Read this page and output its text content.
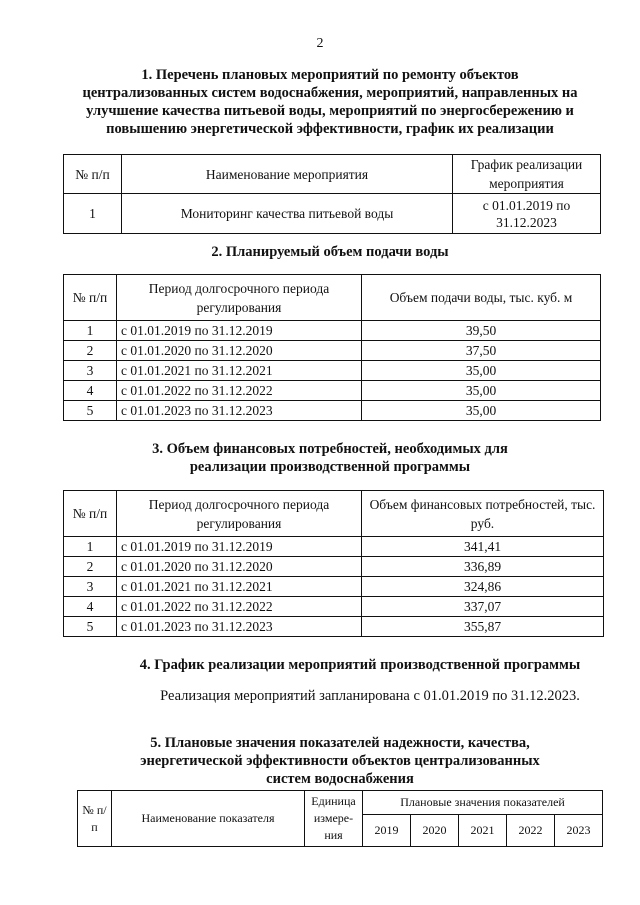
2
1. Перечень плановых мероприятий по ремонту объектов
централизованных систем водоснабжения, мероприятий, направленных на
улучшение качества питьевой воды, мероприятий по энергосбережению и
повышению энергетической эффективности, график их реализации
№ п/п	Наименование мероприятия	График реализации мероприятия
1	Мониторинг качества питьевой воды	с 01.01.2019 по 31.12.2023
2. Планируемый объем подачи воды
№ п/п	Период долгосрочного периода регулирования	Объем подачи воды, тыс. куб. м
1	с 01.01.2019 по 31.12.2019	39,50
2	с 01.01.2020 по 31.12.2020	37,50
3	с 01.01.2021 по 31.12.2021	35,00
4	с 01.01.2022 по 31.12.2022	35,00
5	с 01.01.2023 по 31.12.2023	35,00
3. Объем финансовых потребностей, необходимых для
реализации производственной программы
№ п/п	Период долгосрочного периода регулирования	Объем финансовых потребностей, тыс. руб.
1	с 01.01.2019 по 31.12.2019	341,41
2	с 01.01.2020 по 31.12.2020	336,89
3	с 01.01.2021 по 31.12.2021	324,86
4	с 01.01.2022 по 31.12.2022	337,07
5	с 01.01.2023 по 31.12.2023	355,87
4. График реализации мероприятий производственной программы
Реализация мероприятий запланирована с 01.01.2019 по 31.12.2023.
5. Плановые значения показателей надежности, качества,
энергетической эффективности объектов централизованных
систем водоснабжения
№ п/п	Наименование показателя	Единица измере-ния	Плановые значения показателей				
			2019	2020	2021	2022	2023
